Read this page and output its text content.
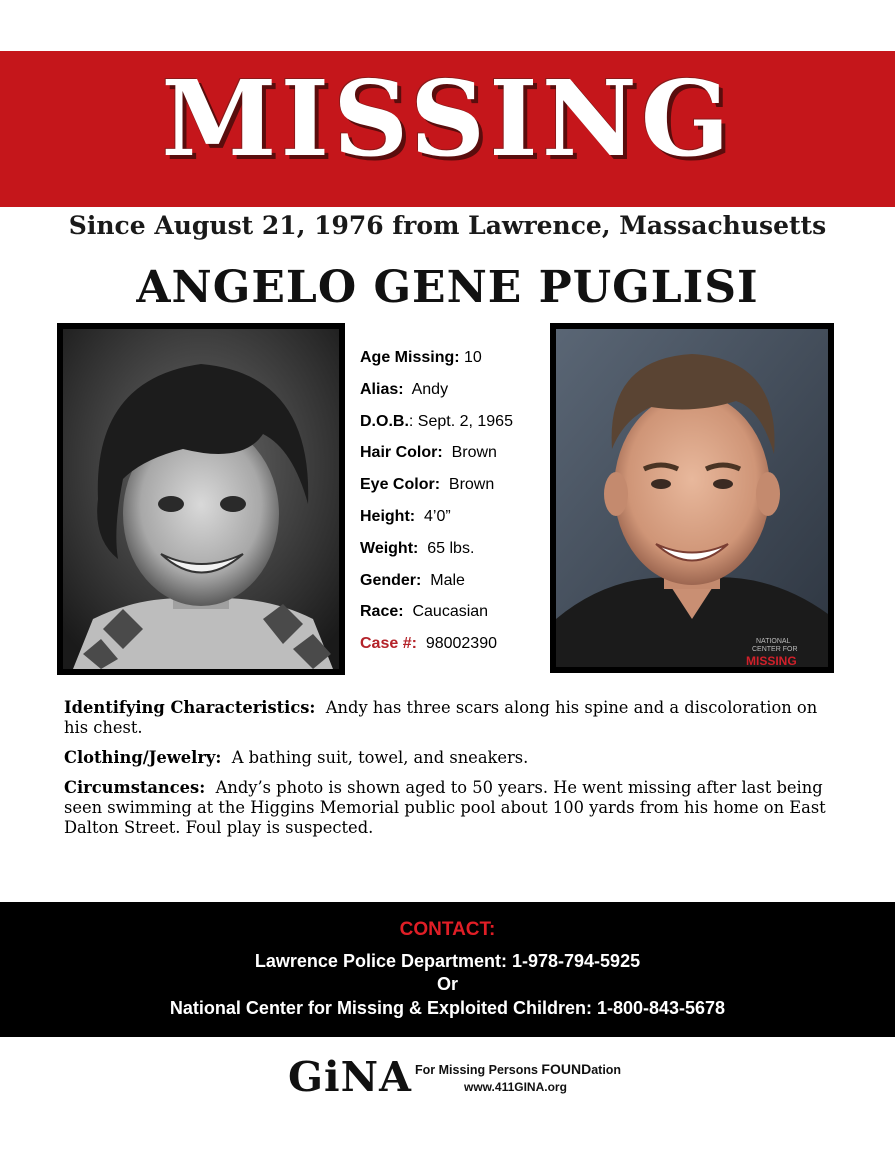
MISSING
Since August 21, 1976 from Lawrence, Massachusetts
ANGELO GENE PUGLISI
Age Missing: 10
Alias: Andy
D.O.B.: Sept. 2, 1965
Hair Color: Brown
Eye Color: Brown
Height: 4’0”
Weight: 65 lbs.
Gender: Male
Race: Caucasian
Case #: 98002390	NATIONAL
CENTER FOR
MISSING

Identifying Characteristics: Andy has three scars along his spine and a discoloration on his chest.

Clothing/Jewelry: A bathing suit, towel, and sneakers.

Circumstances: Andy’s photo is shown aged to 50 years. He went missing after last being seen swimming at the Higgins Memorial public pool about 100 yards from his home on East Dalton Street. Foul play is suspected.

CONTACT:
Lawrence Police Department: 1-978-794-5925
Or
National Center for Missing & Exploited Children: 1-800-843-5678
GiNA For Missing Persons FOUNDation
www.411GINA.org
